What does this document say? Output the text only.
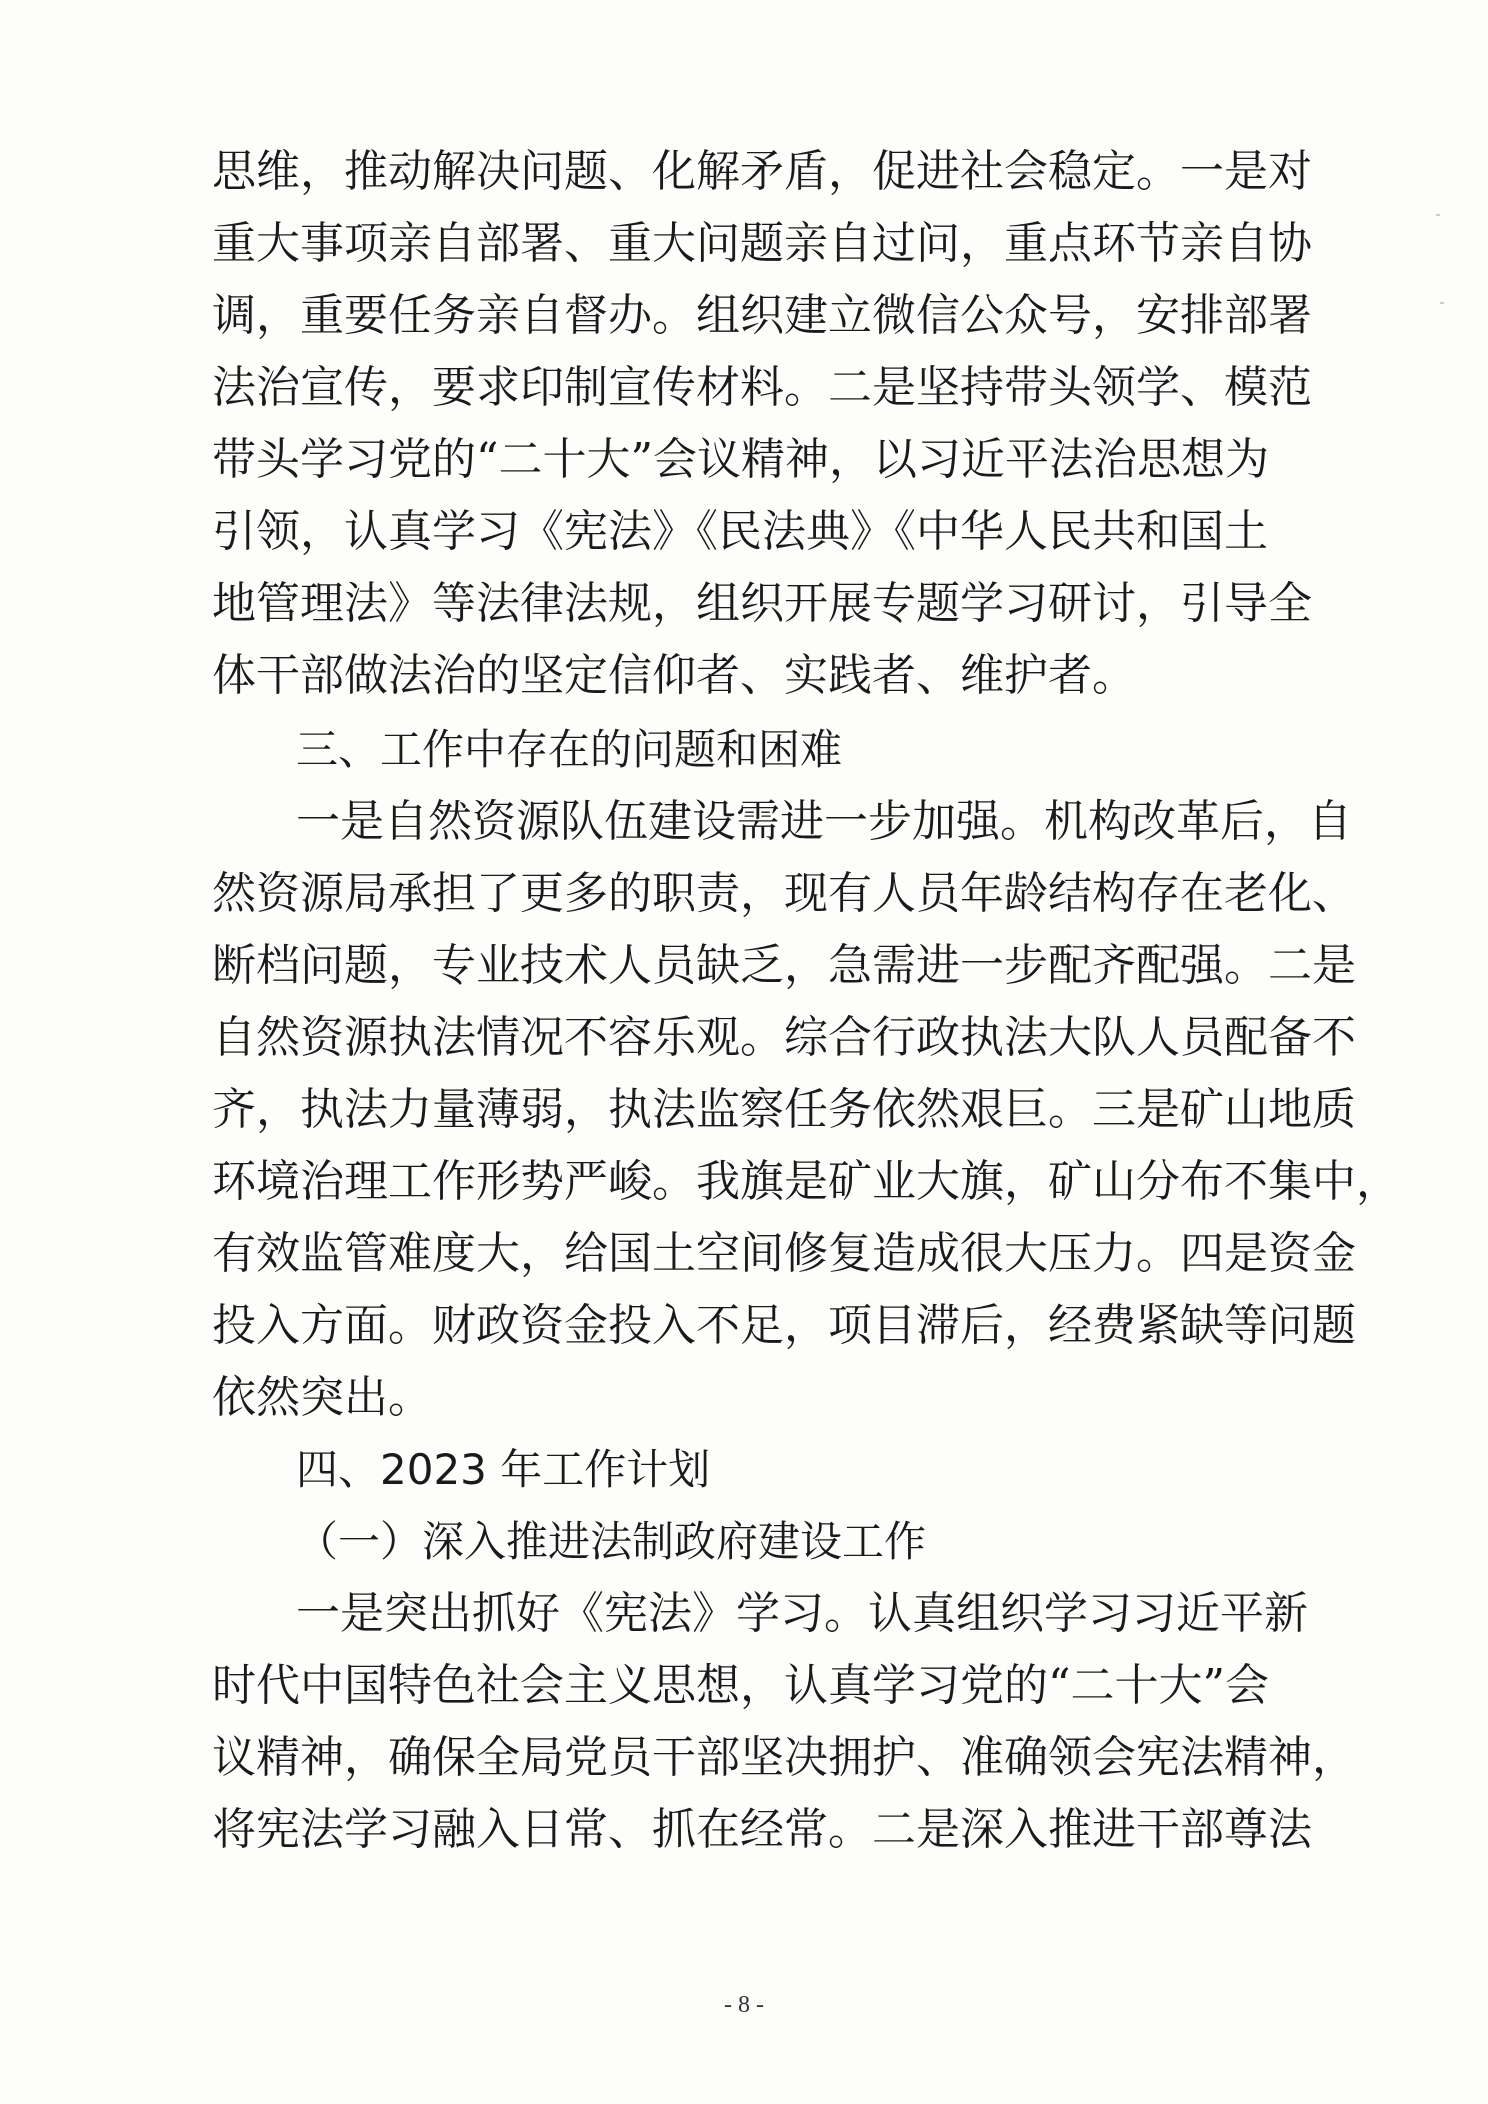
思维，推动解决问题、化解矛盾，促进社会稳定。一是对
重大事项亲自部署、重大问题亲自过问，重点环节亲自协
调，重要任务亲自督办。组织建立微信公众号，安排部署
法治宣传，要求印制宣传材料。二是坚持带头领学、模范
带头学习党的“二十大”会议精神，以习近平法治思想为
引领，认真学习《宪法》《民法典》《中华人民共和国土
地管理法》等法律法规，组织开展专题学习研讨，引导全
体干部做法治的坚定信仰者、实践者、维护者。
三、工作中存在的问题和困难
一是自然资源队伍建设需进一步加强。机构改革后，自
然资源局承担了更多的职责，现有人员年龄结构存在老化、
断档问题，专业技术人员缺乏，急需进一步配齐配强。二是
自然资源执法情况不容乐观。综合行政执法大队人员配备不
齐，执法力量薄弱，执法监察任务依然艰巨。三是矿山地质
环境治理工作形势严峻。我旗是矿业大旗，矿山分布不集中，
有效监管难度大，给国土空间修复造成很大压力。四是资金
投入方面。财政资金投入不足，项目滞后，经费紧缺等问题
依然突出。
四、2023 年工作计划
（一）深入推进法制政府建设工作
一是突出抓好《宪法》学习。认真组织学习习近平新
时代中国特色社会主义思想，认真学习党的“二十大”会
议精神，确保全局党员干部坚决拥护、准确领会宪法精神，
将宪法学习融入日常、抓在经常。二是深入推进干部尊法
- 8 -
